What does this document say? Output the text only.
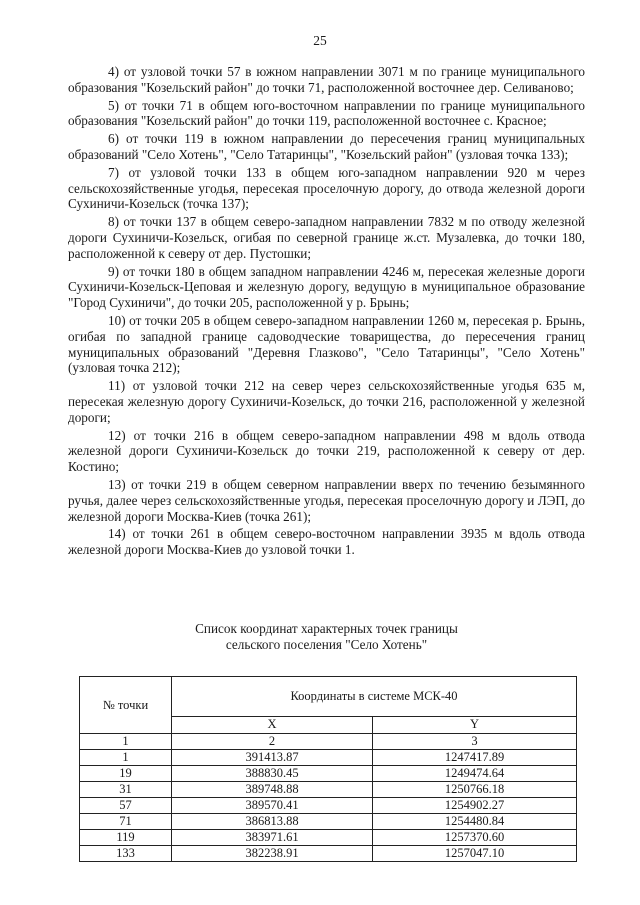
25

4) от узловой точки 57 в южном направлении 3071 м по границе муниципального образования "Козельский район" до точки 71, расположенной восточнее дер. Селиваново;

5) от точки 71 в общем юго-восточном направлении по границе муниципального образования "Козельский район" до точки 119, расположенной восточнее с. Красное;

6) от точки 119 в южном направлении до пересечения границ муниципальных образований "Село Хотень", "Село Татаринцы", "Козельский район" (узловая точка 133);

7) от узловой точки 133 в общем юго-западном направлении 920 м через сельскохозяйственные угодья, пересекая проселочную дорогу, до отвода железной дороги Сухиничи-Козельск (точка 137);

8) от точки 137 в общем северо-западном направлении 7832 м по отводу железной дороги Сухиничи-Козельск, огибая по северной границе ж.ст. Музалевка, до точки 180, расположенной к северу от дер. Пустошки;

9) от точки 180 в общем западном направлении 4246 м, пересекая железные дороги Сухиничи-Козельск-Цеповая и железную дорогу, ведущую в муниципальное образование "Город Сухиничи", до точки 205, расположенной у р. Брынь;

10) от точки 205 в общем северо-западном направлении 1260 м, пересекая р. Брынь, огибая по западной границе садоводческие товарищества, до пересечения границ муниципальных образований "Деревня Глазково", "Село Татаринцы", "Село Хотень" (узловая точка 212);

11) от узловой точки 212 на север через сельскохозяйственные угодья 635 м, пересекая железную дорогу Сухиничи-Козельск, до точки 216, расположенной у железной дороги;

12) от точки 216 в общем северо-западном направлении 498 м вдоль отвода железной дороги Сухиничи-Козельск до точки 219, расположенной к северу от дер. Костино;

13) от точки 219 в общем северном направлении вверх по течению безымянного ручья, далее через сельскохозяйственные угодья, пересекая проселочную дорогу и ЛЭП, до железной дороги Москва-Киев (точка 261);

14) от точки 261 в общем северо-восточном направлении 3935 м вдоль отвода железной дороги Москва-Киев до узловой точки 1.

Список координат характерных точек границы
сельского поселения "Село Хотень"
№ точки	Координаты в системе МСК-40	
	X	Y
1	2	3
1	391413.87	1247417.89
19	388830.45	1249474.64
31	389748.88	1250766.18
57	389570.41	1254902.27
71	386813.88	1254480.84
119	383971.61	1257370.60
133	382238.91	1257047.10
